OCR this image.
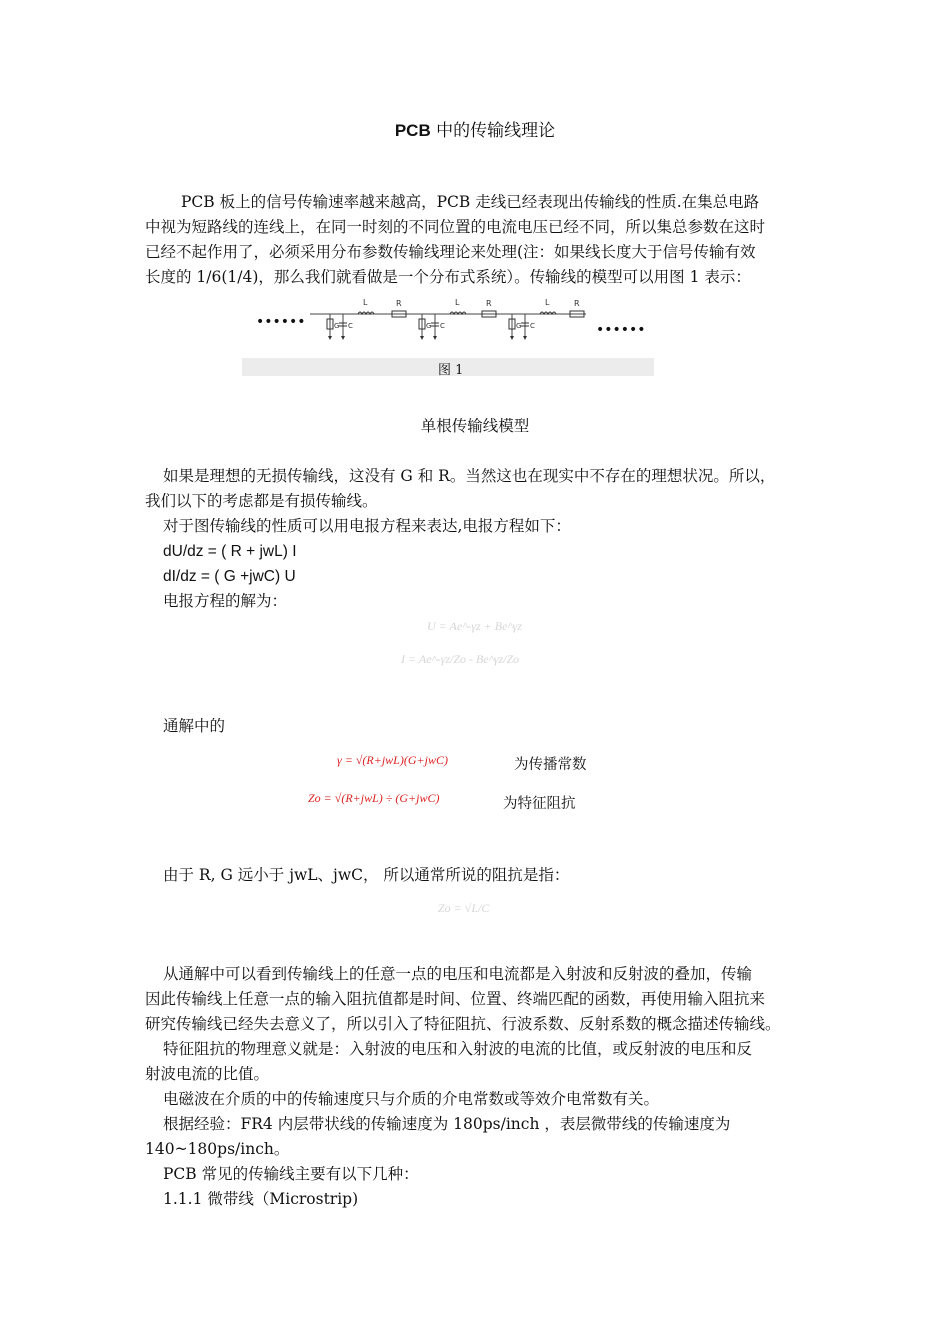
PCB 中的传输线理论
PCB 板上的信号传输速率越来越高，PCB 走线已经表现出传输线的性质.在集总电路
中视为短路线的连线上，在同一时刻的不同位置的电流电压已经不同，所以集总参数在这时
已经不起作用了，必须采用分布参数传输线理论来处理(注：如果线长度大于信号传输有效
长度的 1/6(1/4)，那么我们就看做是一个分布式系统）。传输线的模型可以用图 1 表示：
••••••
L	R
G C
L	R
G C
L	R
G C	••••••
图 1
单根传输线模型
如果是理想的无损传输线，这没有 G 和 R。当然这也在现实中不存在的理想状况。所以，
我们以下的考虑都是有损传输线。
对于图传输线的性质可以用电报方程来表达,电报方程如下：
dU/dz = ( R + jwL) I
dI/dz = ( G +jwC) U
电报方程的解为：
U = Ae^-γz + Be^γz
I = Ae^-γz/Zo - Be^γz/Zo
通解中的
γ = √(R+jwL)(G+jwC)	为传播常数
Zo = √(R+jwL) ÷ (G+jwC)	为特征阻抗
由于 R, G 远小于 jwL、jwC， 所以通常所说的阻抗是指：
Zo = √L/C
从通解中可以看到传输线上的任意一点的电压和电流都是入射波和反射波的叠加，传输
因此传输线上任意一点的输入阻抗值都是时间、位置、终端匹配的函数，再使用输入阻抗来
研究传输线已经失去意义了，所以引入了特征阻抗、行波系数、反射系数的概念描述传输线。
特征阻抗的物理意义就是：入射波的电压和入射波的电流的比值，或反射波的电压和反
射波电流的比值。
电磁波在介质的中的传输速度只与介质的介电常数或等效介电常数有关。
根据经验：FR4 内层带状线的传输速度为 180ps/inch ，表层微带线的传输速度为
140~180ps/inch。
PCB 常见的传输线主要有以下几种：
1.1.1 微带线（Microstrip)
